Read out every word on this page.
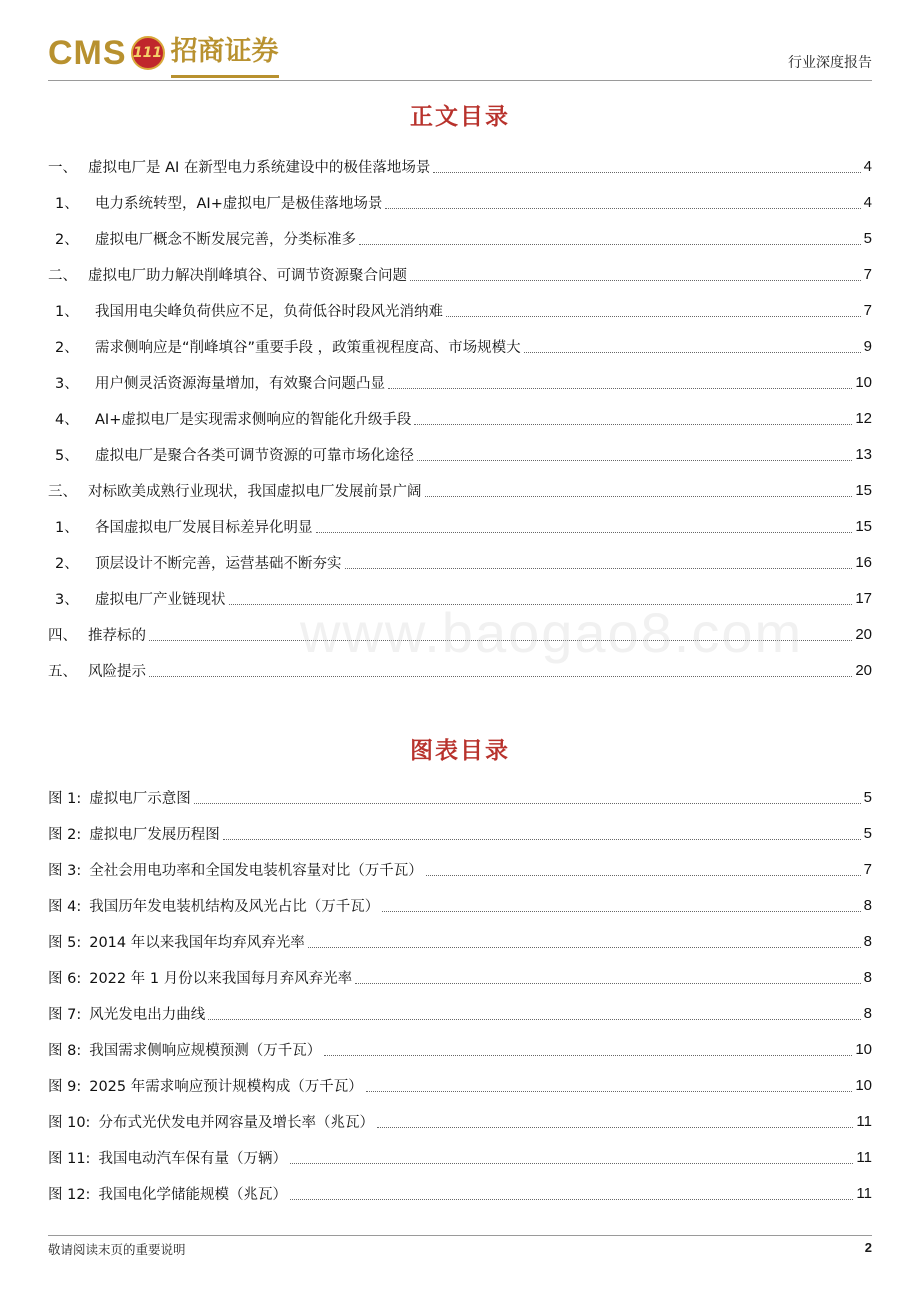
CMS 111 招商证券	行业深度报告
正文目录
一、 虚拟电厂是 AI 在新型电力系统建设中的极佳落地场景	4
1、	电力系统转型，AI+虚拟电厂是极佳落地场景	4
2、	虚拟电厂概念不断发展完善，分类标准多	5
二、 虚拟电厂助力解决削峰填谷、可调节资源聚合问题	7
1、	我国用电尖峰负荷供应不足，负荷低谷时段风光消纳难	7
2、	需求侧响应是“削峰填谷”重要手段 ，政策重视程度高、市场规模大	9
3、	用户侧灵活资源海量增加，有效聚合问题凸显	10
4、	AI+虚拟电厂是实现需求侧响应的智能化升级手段	12
5、	虚拟电厂是聚合各类可调节资源的可靠市场化途径	13
三、 对标欧美成熟行业现状，我国虚拟电厂发展前景广阔	15
1、	各国虚拟电厂发展目标差异化明显	15
2、	顶层设计不断完善，运营基础不断夯实	16
3、	虚拟电厂产业链现状	17
四、 推荐标的	20
五、 风险提示	20
图表目录
图 1: 虚拟电厂示意图	5
图 2: 虚拟电厂发展历程图	5
图 3: 全社会用电功率和全国发电装机容量对比（万千瓦）	7
图 4: 我国历年发电装机结构及风光占比（万千瓦）	8
图 5: 2014 年以来我国年均弃风弃光率	8
图 6: 2022 年 1 月份以来我国每月弃风弃光率	8
图 7: 风光发电出力曲线	8
图 8: 我国需求侧响应规模预测（万千瓦）	10
图 9: 2025 年需求响应预计规模构成（万千瓦）	10
图 10: 分布式光伏发电并网容量及增长率（兆瓦）	11
图 11: 我国电动汽车保有量（万辆）	11
图 12: 我国电化学储能规模（兆瓦）	11
www.baogao8.com
敬请阅读末页的重要说明	2
